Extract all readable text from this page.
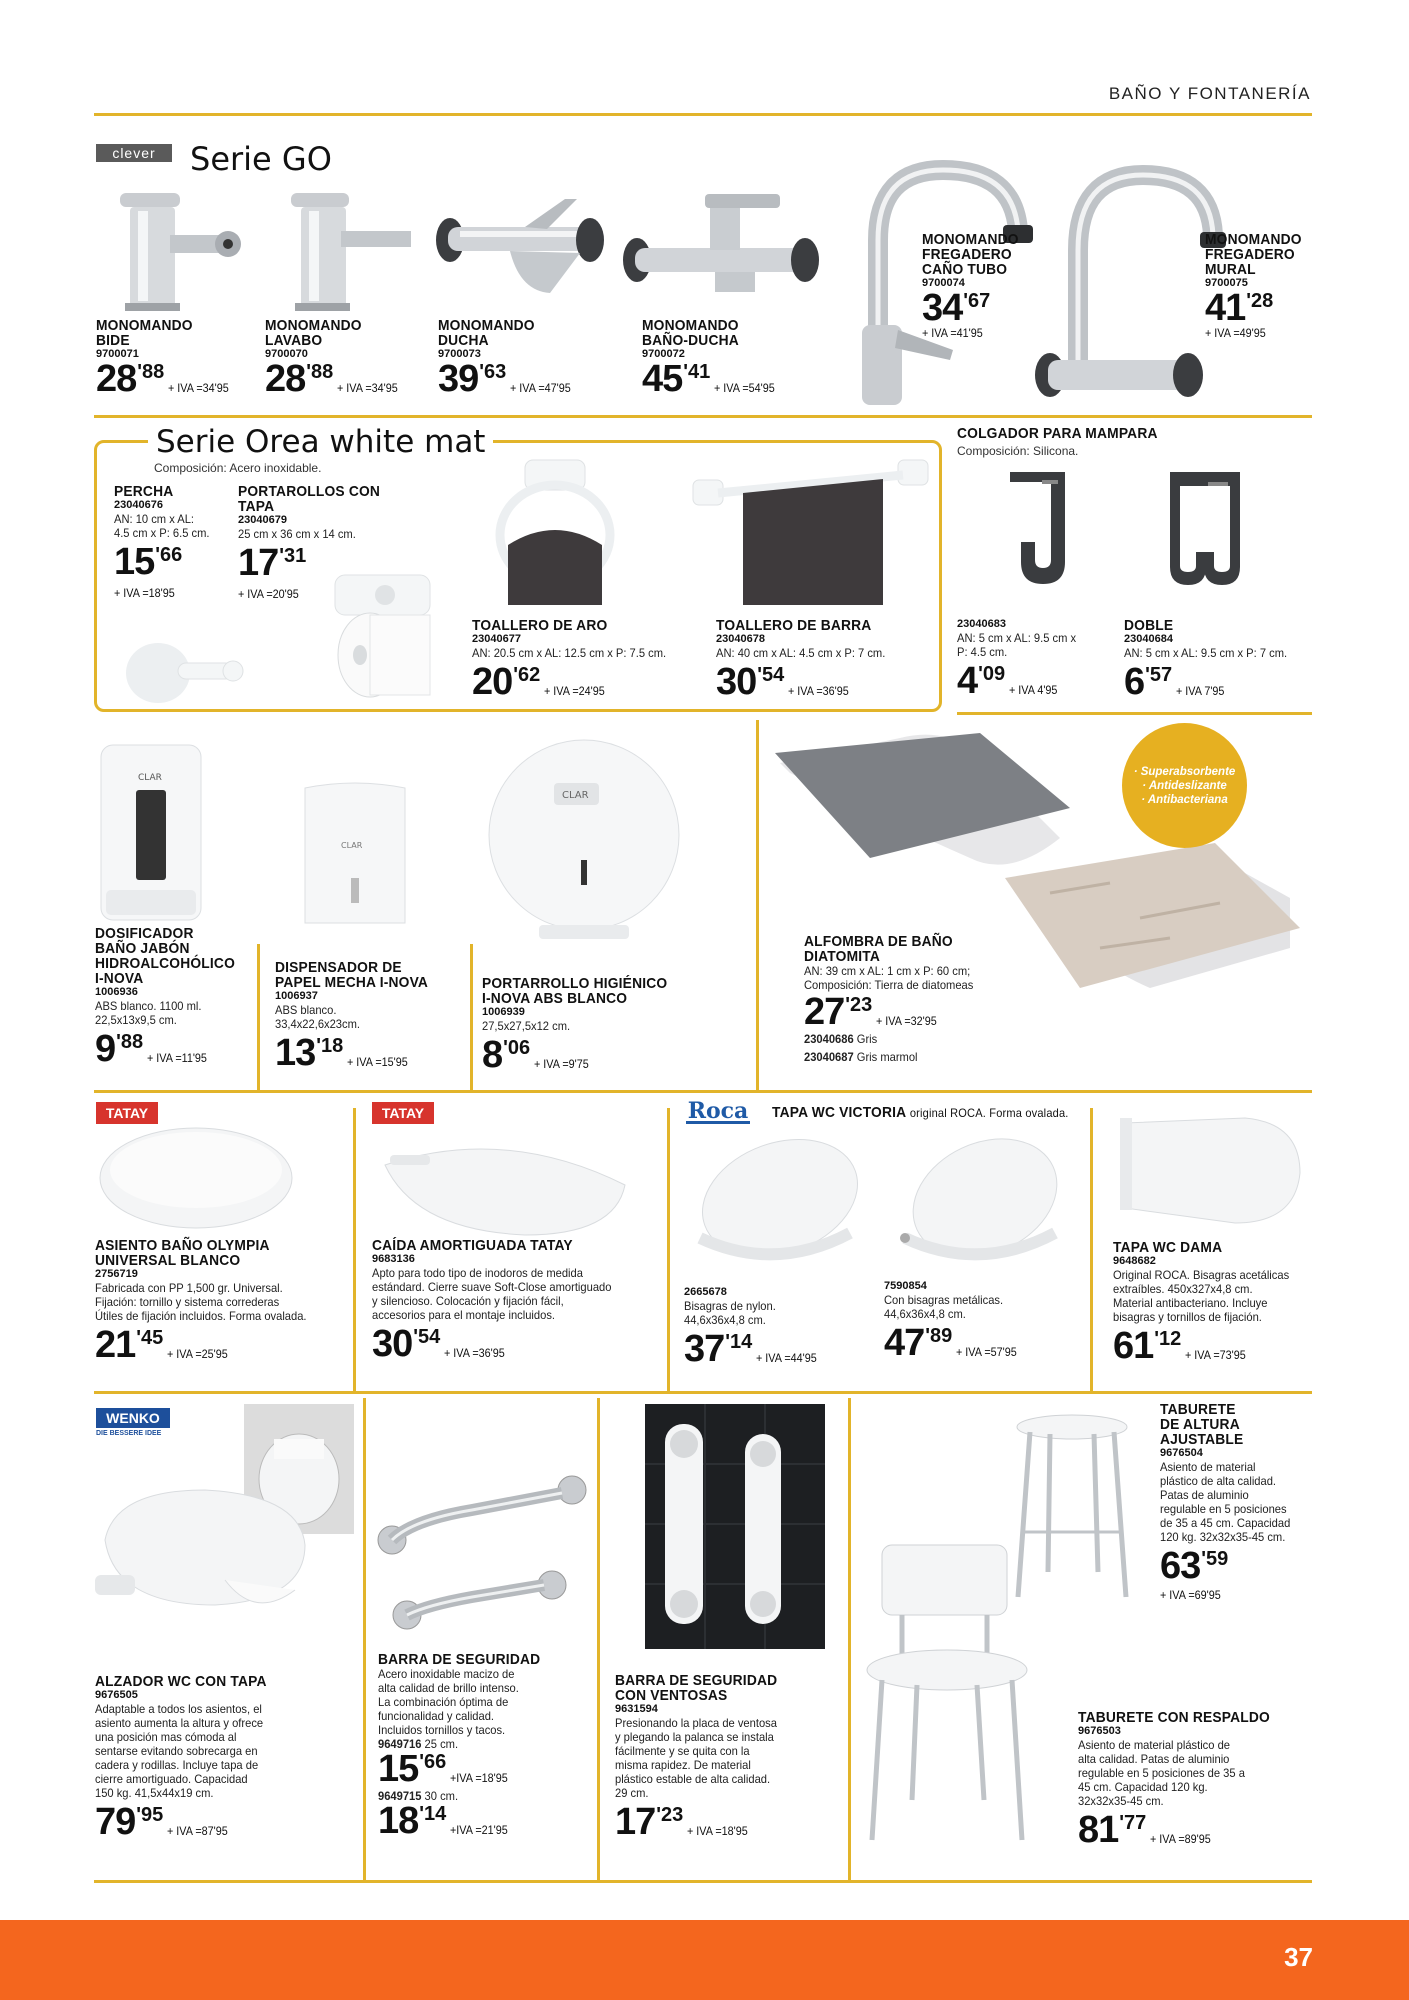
BAÑO Y FONTANERÍA
clever	Serie GO
MONOMANDO
BIDE
9700071
28 '88
+ IVA =34'95
MONOMANDO
LAVABO
9700070
28 '88
+ IVA =34'95
MONOMANDO
DUCHA
9700073
39 '63
+ IVA =47'95
MONOMANDO
BAÑO-DUCHA
9700072
45 '41
+ IVA =54'95
MONOMANDO
FREGADERO
CAÑO TUBO
9700074
34 '67
+ IVA =41'95
MONOMANDO
FREGADERO
MURAL
9700075
41 '28
+ IVA =49'95
Serie Orea white mat
Composición: Acero inoxidable.
PERCHA
23040676
AN: 10 cm x AL:
4.5 cm x P: 6.5 cm.
15 '66
+ IVA =18'95
PORTAROLLOS CON
TAPA
23040679
25 cm x 36 cm x 14 cm.
17 '31
+ IVA =20'95
TOALLERO DE ARO
23040677
AN: 20.5 cm x AL: 12.5 cm x P: 7.5 cm.
20 '62
+ IVA =24'95
TOALLERO DE BARRA
23040678
AN: 40 cm x AL: 4.5 cm x P: 7 cm.
30 '54
+ IVA =36'95
COLGADOR PARA MAMPARA
Composición: Silicona.
23040683
AN: 5 cm x AL: 9.5 cm x
P: 4.5 cm.
4 '09
+ IVA 4'95
DOBLE
23040684
AN: 5 cm x AL: 9.5 cm x P: 7 cm.
6 '57
+ IVA 7'95
CLAR
CLAR
CLAR
DOSIFICADOR
BAÑO JABÓN
HIDROALCOHÓLICO
I-NOVA
1006936
ABS blanco. 1100 ml.
22,5x13x9,5 cm.
9 '88
+ IVA =11'95
DISPENSADOR DE
PAPEL MECHA I-NOVA
1006937
ABS blanco.
33,4x22,6x23cm.
13 '18
+ IVA =15'95
PORTARROLLO HIGIÉNICO
I-NOVA ABS BLANCO
1006939
27,5x27,5x12 cm.
8 '06
+ IVA =9'75
· Superabsorbente
· Antideslizante
· Antibacteriana
ALFOMBRA DE BAÑO
DIATOMITA
AN: 39 cm x AL: 1 cm x P: 60 cm;
Composición: Tierra de diatomeas
27 '23
+ IVA =32'95
23040686 Gris
23040687 Gris marmol
TATAY	TATAY	Roca TAPA WC VICTORIA original ROCA. Forma ovalada.
ASIENTO BAÑO OLYMPIA
UNIVERSAL BLANCO
2756719
Fabricada con PP 1,500 gr. Universal.
Fijación: tornillo y sistema correderas
Útiles de fijación incluidos. Forma ovalada.
21 '45
+ IVA =25'95
CAÍDA AMORTIGUADA TATAY
9683136
Apto para todo tipo de inodoros de medida
estándard. Cierre suave Soft-Close amortiguado
y silencioso. Colocación y fijación fácil,
accesorios para el montaje incluidos.
30 '54
+ IVA =36'95
2665678
Bisagras de nylon.
44,6x36x4,8 cm.
37 '14
+ IVA =44'95
7590854
Con bisagras metálicas.
44,6x36x4,8 cm.
47 '89
+ IVA =57'95
TAPA WC DAMA
9648682
Original ROCA. Bisagras acetálicas
extraíbles. 450x327x4,8 cm.
Material antibacteriano. Incluye
bisagras y tornillos de fijación.
61 '12
+ IVA =73'95
WENKO
DIE BESSERE IDEE
ALZADOR WC CON TAPA
9676505
Adaptable a todos los asientos, el
asiento aumenta la altura y ofrece
una posición mas cómoda al
sentarse evitando sobrecarga en
cadera y rodillas. Incluye tapa de
cierre amortiguado. Capacidad
150 kg. 41,5x44x19 cm.
79 '95
+ IVA =87'95
BARRA DE SEGURIDAD
Acero inoxidable macizo de
alta calidad de brillo intenso.
La combinación óptima de
funcionalidad y calidad.
Incluidos tornillos y tacos.
9649716 25 cm.
15 '66
+IVA =18'95
9649715 30 cm.
18 '14
+IVA =21'95
BARRA DE SEGURIDAD
CON VENTOSAS
9631594
Presionando la placa de ventosa
y plegando la palanca se instala
fácilmente y se quita con la
misma rapidez. De material
plástico estable de alta calidad.
29 cm.
17 '23
+ IVA =18'95
TABURETE
DE ALTURA
AJUSTABLE
9676504
Asiento de material
plástico de alta calidad.
Patas de aluminio
regulable en 5 posiciones
de 35 a 45 cm. Capacidad
120 kg. 32x32x35-45 cm.
63 '59
+ IVA =69'95
TABURETE CON RESPALDO
9676503
Asiento de material plástico de
alta calidad. Patas de aluminio
regulable en 5 posiciones de 35 a
45 cm. Capacidad 120 kg.
32x32x35-45 cm.
81 '77
+ IVA =89'95
37
